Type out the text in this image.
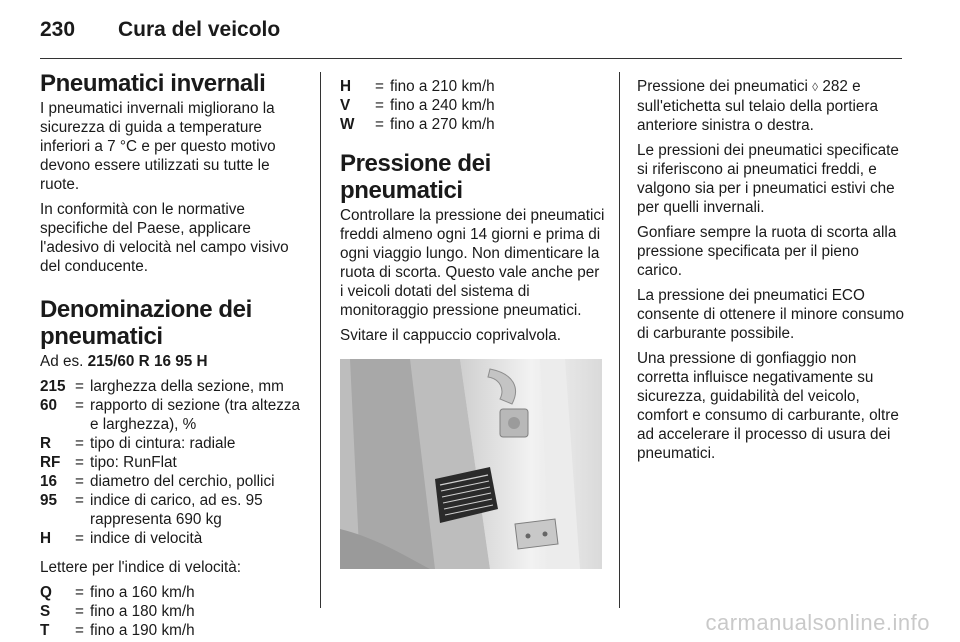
230 Cura del veicolo
Pneumatici invernali

I pneumatici invernali migliorano la sicurezza di guida a temperature inferiori a 7 °C e per questo motivo devono essere utilizzati su tutte le ruote.

In conformità con le normative specifiche del Paese, applicare l'adesivo di velocità nel campo visivo del conducente.

Denominazione dei pneumatici

Ad es. 215/60 R 16 95 H

215 = larghezza della sezione, mm
60	= rapporto di sezione (tra altezza e larghezza), %
R	= tipo di cintura: radiale
RF = tipo: RunFlat
16	= diametro del cerchio, pollici
95	= indice di carico, ad es. 95 rappresenta 690 kg
H	= indice di velocità

Lettere per l'indice di velocità:

Q	= fino a 160 km/h
S	= fino a 180 km/h
T	= fino a 190 km/h
H	= fino a 210 km/h
V	= fino a 240 km/h
W	= fino a 270 km/h
Pressione dei pneumatici

Controllare la pressione dei pneumatici freddi almeno ogni 14 giorni e prima di ogni viaggio lungo. Non dimenticare la ruota di scorta. Questo vale anche per i veicoli dotati del sistema di monitoraggio pressione pneumatici.

Svitare il cappuccio coprivalvola.

Pressione dei pneumatici ◊ 282 e sull'etichetta sul telaio della portiera anteriore sinistra o destra.

Le pressioni dei pneumatici specificate si riferiscono ai pneumatici freddi, e valgono sia per i pneumatici estivi che per quelli invernali.

Gonfiare sempre la ruota di scorta alla pressione specificata per il pieno carico.

La pressione dei pneumatici ECO consente di ottenere il minore consumo di carburante possibile.

Una pressione di gonfiaggio non corretta influisce negativamente su sicurezza, guidabilità del veicolo, comfort e consumo di carburante, oltre ad accelerare il processo di usura dei pneumatici.

carmanualsonline.info
